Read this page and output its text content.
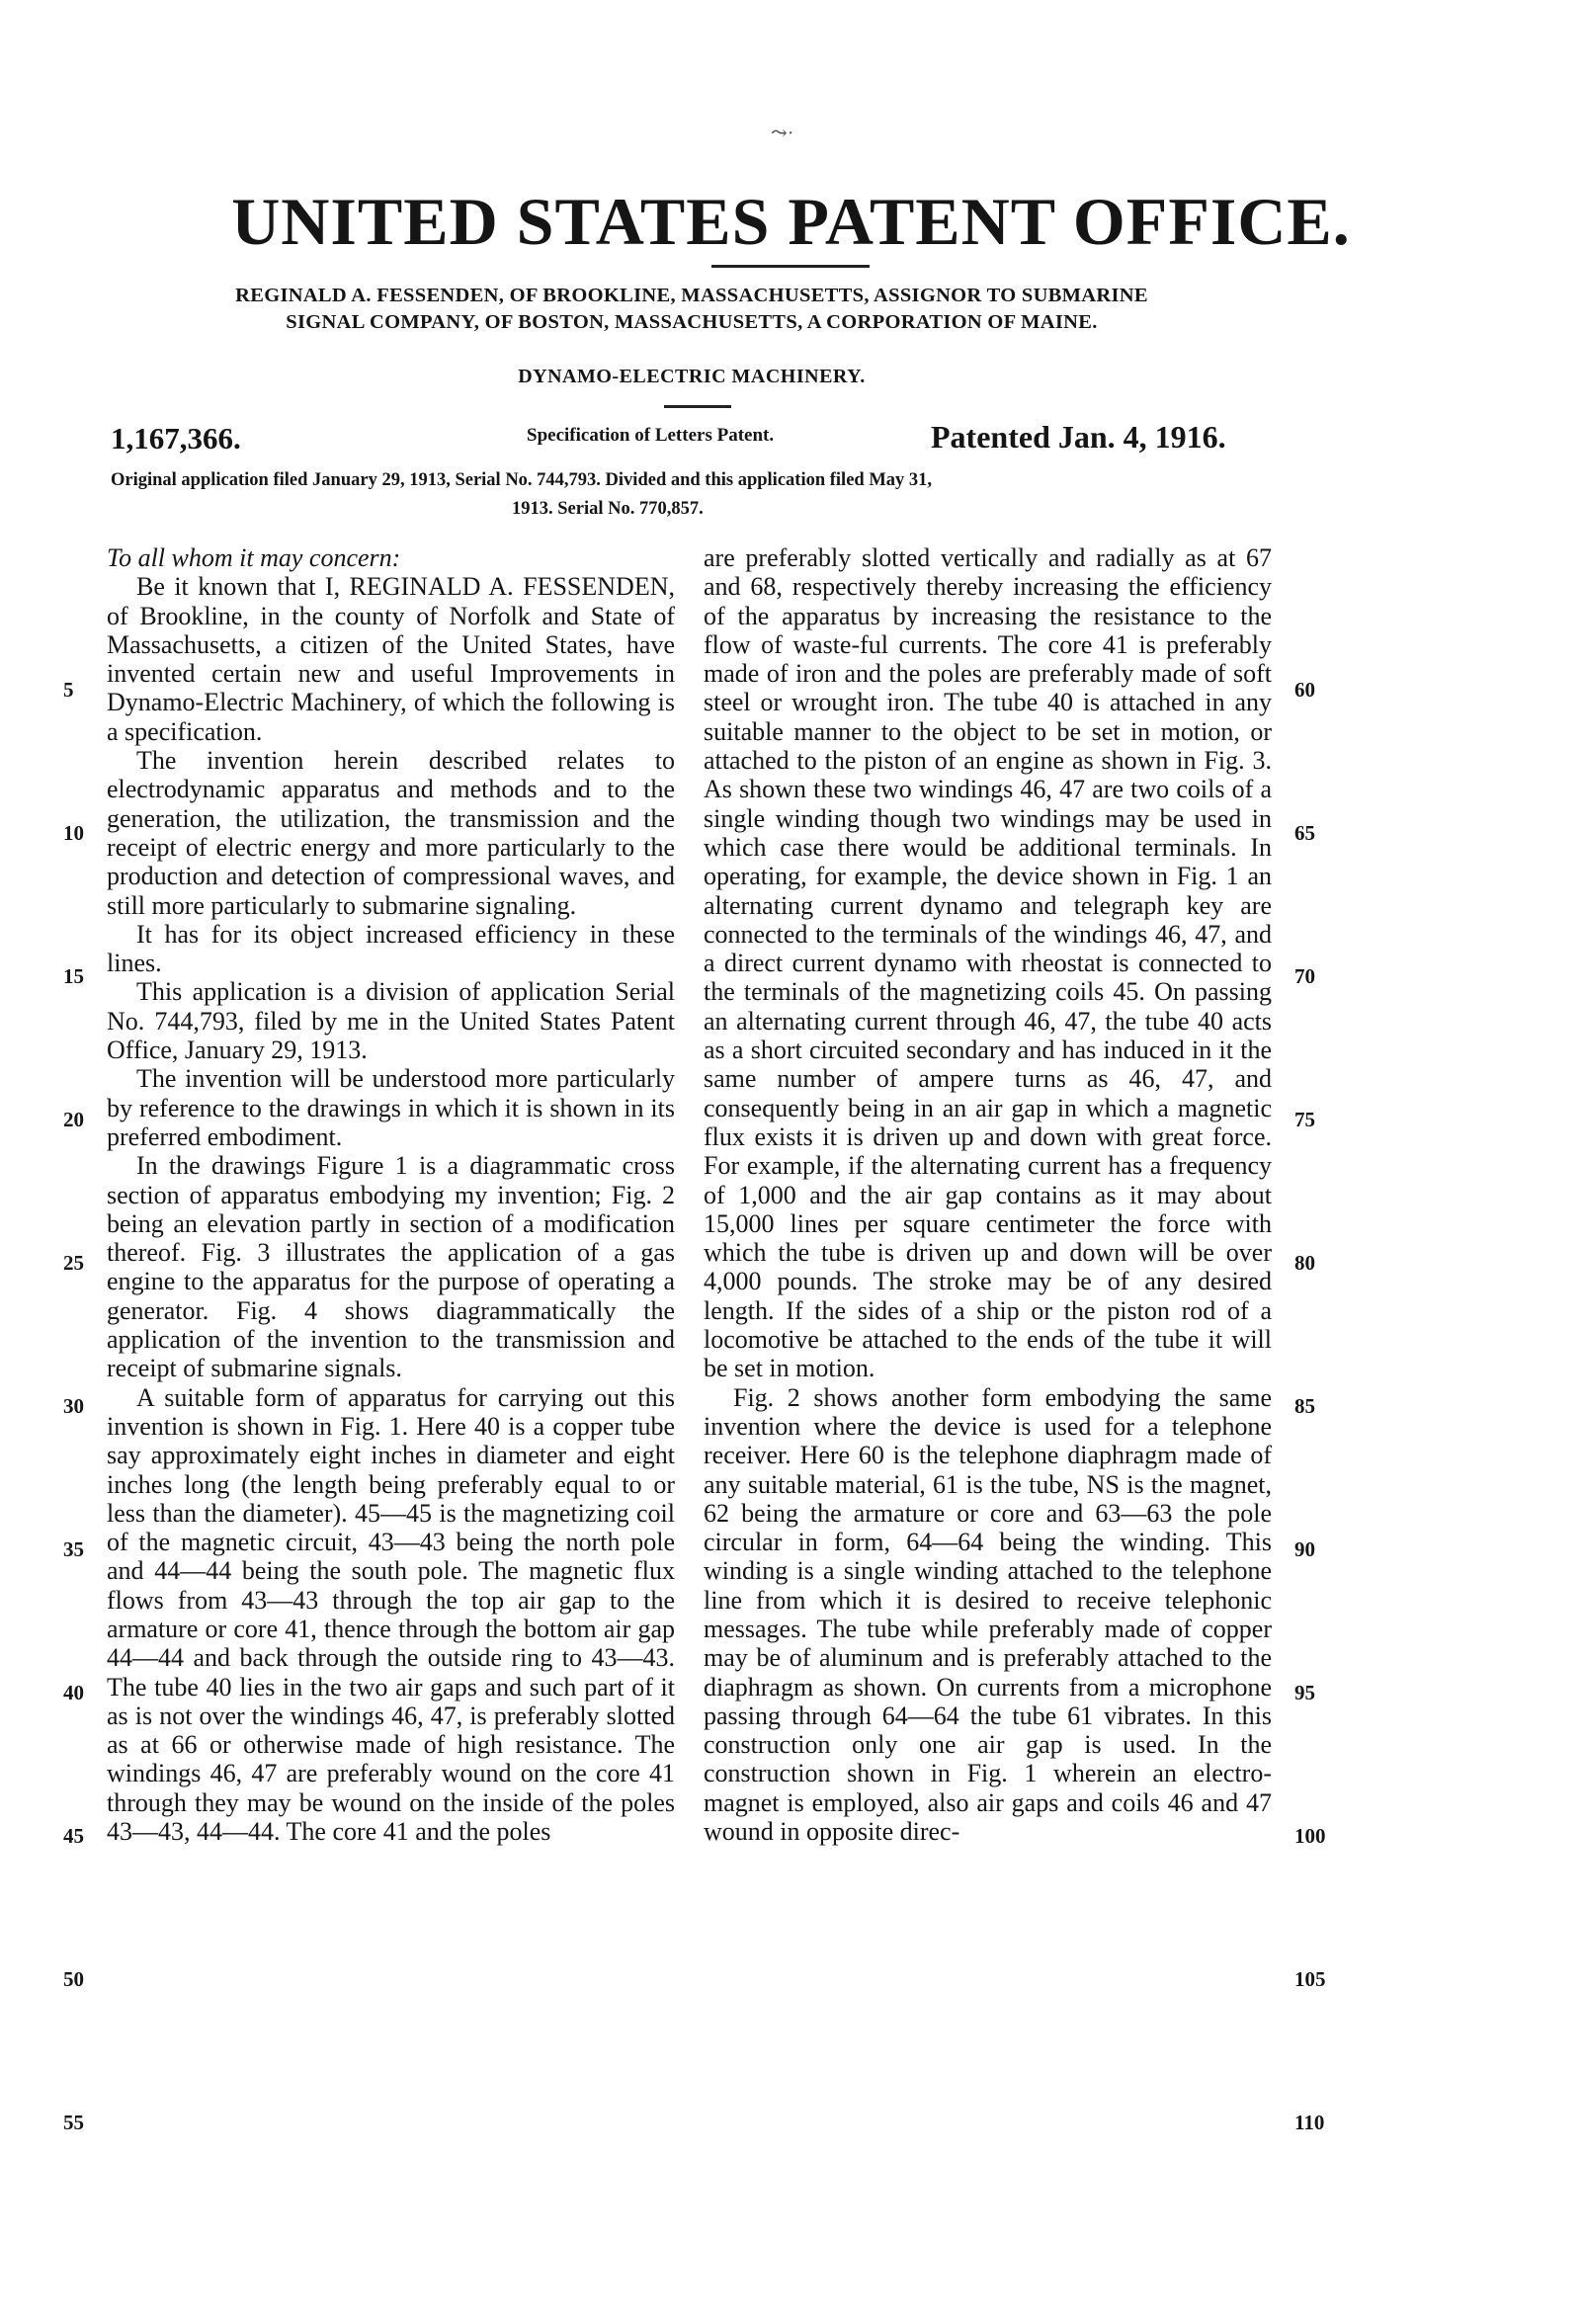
⤳·
UNITED STATES PATENT OFFICE.
REGINALD A. FESSENDEN, OF BROOKLINE, MASSACHUSETTS, ASSIGNOR TO SUBMARINE
SIGNAL COMPANY, OF BOSTON, MASSACHUSETTS, A CORPORATION OF MAINE.
DYNAMO-ELECTRIC MACHINERY.
1,167,366.	Specification of Letters Patent.	Patented Jan. 4, 1916.
Original application filed January 29, 1913, Serial No. 744,793. Divided and this application filed May 31,
1913. Serial No. 770,857.

To all whom it may concern:

Be it known that I, REGINALD A. FESSENDEN, of Brookline, in the county of Norfolk and State of Massachusetts, a citizen of the United States, have invented certain new and useful Improvements in Dynamo-Electric Machinery, of which the following is a specification.

The invention herein described relates to electrodynamic apparatus and methods and to the generation, the utilization, the transmission and the receipt of electric energy and more particularly to the production and detection of compressional waves, and still more particularly to submarine signaling.

It has for its object increased efficiency in these lines.

This application is a division of application Serial No. 744,793, filed by me in the United States Patent Office, January 29, 1913.

The invention will be understood more particularly by reference to the drawings in which it is shown in its preferred embodiment.

In the drawings Figure 1 is a diagrammatic cross section of apparatus embodying my invention; Fig. 2 being an elevation partly in section of a modification thereof. Fig. 3 illustrates the application of a gas engine to the apparatus for the purpose of operating a generator. Fig. 4 shows diagrammatically the application of the invention to the transmission and receipt of submarine signals.

A suitable form of apparatus for carrying out this invention is shown in Fig. 1. Here 40 is a copper tube say approximately eight inches in diameter and eight inches long (the length being preferably equal to or less than the diameter). 45—45 is the magnetizing coil of the magnetic circuit, 43—43 being the north pole and 44—44 being the south pole. The magnetic flux flows from 43—43 through the top air gap to the armature or core 41, thence through the bottom air gap 44—44 and back through the outside ring to 43—43. The tube 40 lies in the two air gaps and such part of it as is not over the windings 46, 47, is preferably slotted as at 66 or otherwise made of high resistance. The windings 46, 47 are preferably wound on the core 41 through they may be wound on the inside of the poles 43—43, 44—44. The core 41 and the poles

are preferably slotted vertically and radially as at 67 and 68, respectively thereby increasing the efficiency of the apparatus by increasing the resistance to the flow of waste-ful currents. The core 41 is preferably made of iron and the poles are preferably made of soft steel or wrought iron. The tube 40 is attached in any suitable manner to the object to be set in motion, or attached to the piston of an engine as shown in Fig. 3. As shown these two windings 46, 47 are two coils of a single winding though two windings may be used in which case there would be additional terminals. In operating, for example, the device shown in Fig. 1 an alternating current dynamo and telegraph key are connected to the terminals of the windings 46, 47, and a direct current dynamo with rheostat is connected to the terminals of the magnetizing coils 45. On passing an alternating current through 46, 47, the tube 40 acts as a short circuited secondary and has induced in it the same number of ampere turns as 46, 47, and consequently being in an air gap in which a magnetic flux exists it is driven up and down with great force. For example, if the alternating current has a frequency of 1,000 and the air gap contains as it may about 15,000 lines per square centimeter the force with which the tube is driven up and down will be over 4,000 pounds. The stroke may be of any desired length. If the sides of a ship or the piston rod of a locomotive be attached to the ends of the tube it will be set in motion.

Fig. 2 shows another form embodying the same invention where the device is used for a telephone receiver. Here 60 is the telephone diaphragm made of any suitable material, 61 is the tube, NS is the magnet, 62 being the armature or core and 63—63 the pole circular in form, 64—64 being the winding. This winding is a single winding attached to the telephone line from which it is desired to receive telephonic messages. The tube while preferably made of copper may be of aluminum and is preferably attached to the diaphragm as shown. On currents from a microphone passing through 64—64 the tube 61 vibrates. In this construction only one air gap is used. In the construction shown in Fig. 1 wherein an electro-magnet is employed, also air gaps and coils 46 and 47 wound in opposite direc-

5
10
15
20
25
30
35
40
45
50
55
60
65
70
75
80
85
90
95
100
105
110
